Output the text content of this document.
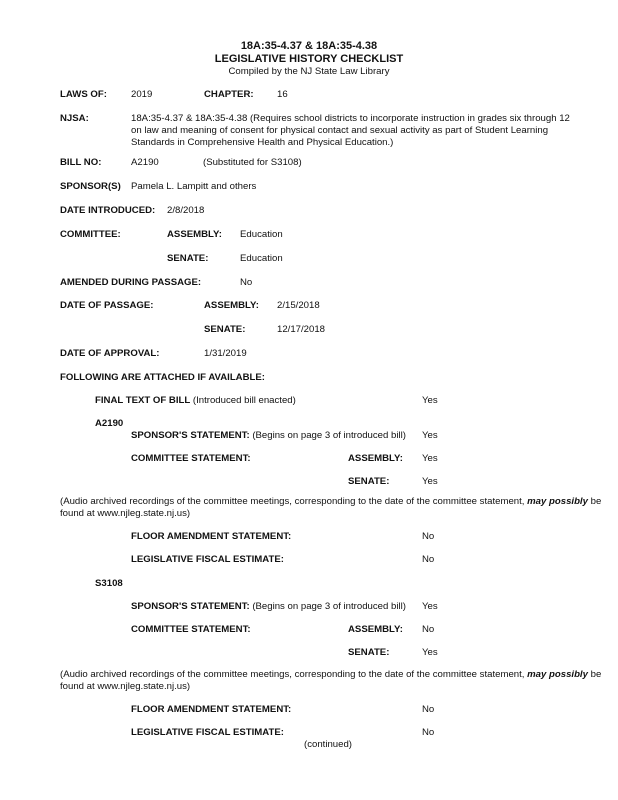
18A:35-4.37 & 18A:35-4.38
LEGISLATIVE HISTORY CHECKLIST
Compiled by the NJ State Law Library
LAWS OF:	2019	CHAPTER: 16
NJSA:	18A:35-4.37 & 18A:35-4.38 (Requires school districts to incorporate instruction in grades six through 12 on law and meaning of consent for physical contact and sexual activity as part of Student Learning Standards in Comprehensive Health and Physical Education.)
BILL NO:	A2190	(Substituted for S3108)
SPONSOR(S) Pamela L. Lampitt and others
DATE INTRODUCED: 2/8/2018
COMMITTEE:	ASSEMBLY: Education
SENATE:	Education
AMENDED DURING PASSAGE:	No
DATE OF PASSAGE:	ASSEMBLY: 2/15/2018
SENATE:	12/17/2018
DATE OF APPROVAL:	1/31/2019
FOLLOWING ARE ATTACHED IF AVAILABLE:
FINAL TEXT OF BILL (Introduced bill enacted)	Yes
A2190
SPONSOR'S STATEMENT: (Begins on page 3 of introduced bill) Yes
COMMITTEE STATEMENT:	ASSEMBLY: Yes
SENATE:	Yes
(Audio archived recordings of the committee meetings, corresponding to the date of the committee statement, may possibly be found at www.njleg.state.nj.us)
FLOOR AMENDMENT STATEMENT:	No
LEGISLATIVE FISCAL ESTIMATE:	No
S3108
SPONSOR'S STATEMENT: (Begins on page 3 of introduced bill) Yes
COMMITTEE STATEMENT:	ASSEMBLY: No
SENATE:	Yes
(Audio archived recordings of the committee meetings, corresponding to the date of the committee statement, may possibly be found at www.njleg.state.nj.us)
FLOOR AMENDMENT STATEMENT:	No
LEGISLATIVE FISCAL ESTIMATE:	No
(continued)
